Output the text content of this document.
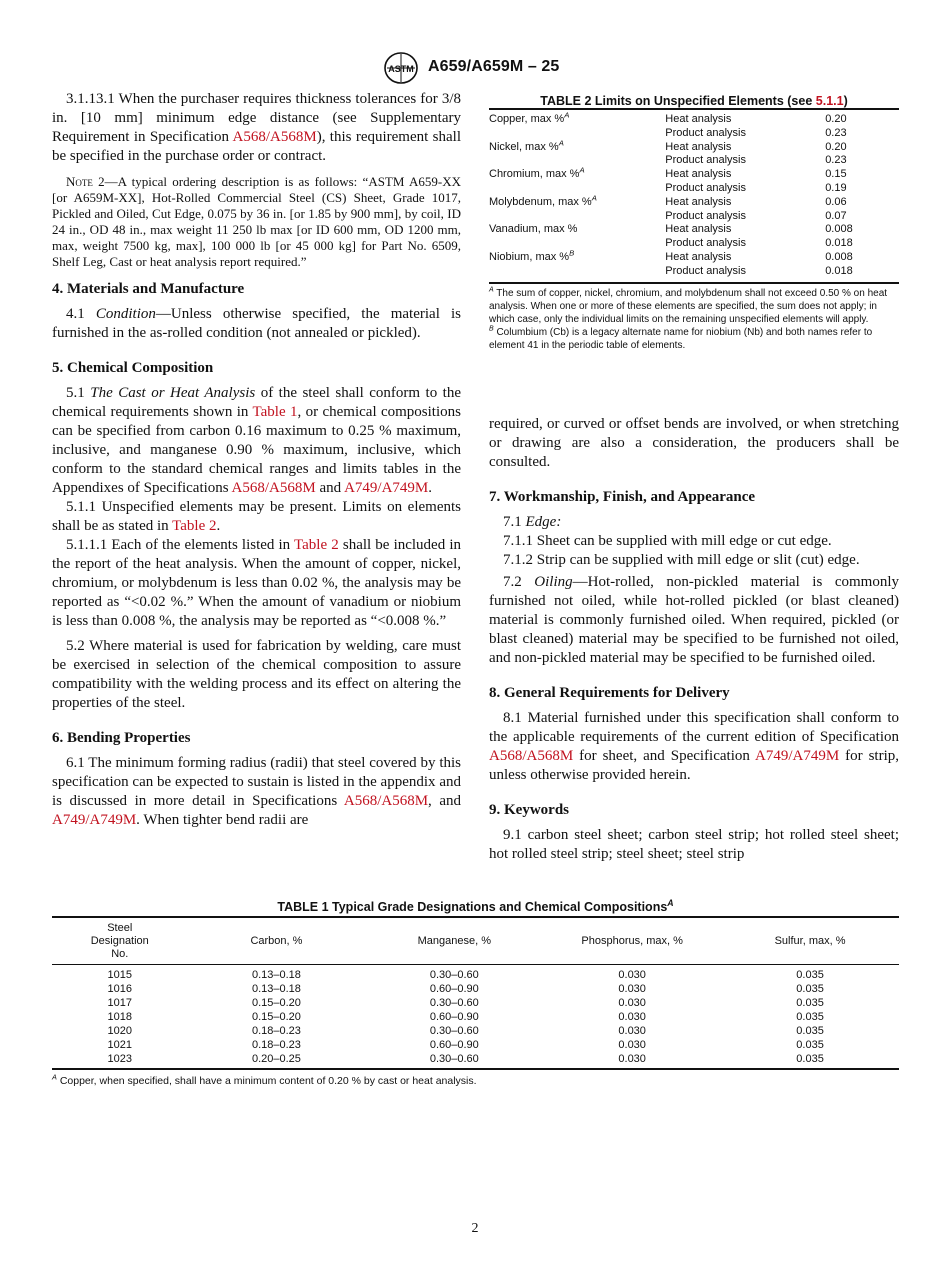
ASTM A659/A659M – 25

3.1.13.1 When the purchaser requires thickness tolerances for 3/8 in. [10 mm] minimum edge distance (see Supplementary Requirement in Specification A568/A568M), this requirement shall be specified in the purchase order or contract.

Note 2—A typical ordering description is as follows: “ASTM A659-XX [or A659M-XX], Hot-Rolled Commercial Steel (CS) Sheet, Grade 1017, Pickled and Oiled, Cut Edge, 0.075 by 36 in. [or 1.85 by 900 mm], by coil, ID 24 in., OD 48 in., max weight 11 250 lb max [or ID 600 mm, OD 1200 mm, max, weight 7500 kg, max], 100 000 lb [or 45 000 kg] for Part No. 6509, Shelf Leg, Cast or heat analysis report required.”

4. Materials and Manufacture

4.1 Condition—Unless otherwise specified, the material is furnished in the as-rolled condition (not annealed or pickled).

5. Chemical Composition

5.1 The Cast or Heat Analysis of the steel shall conform to the chemical requirements shown in Table 1, or chemical compositions can be specified from carbon 0.16 maximum to 0.25 % maximum, inclusive, and manganese 0.90 % maximum, inclusive, which conform to the standard chemical ranges and limits tables in the Appendixes of Specifications A568/A568M and A749/A749M.

5.1.1 Unspecified elements may be present. Limits on elements shall be as stated in Table 2.

5.1.1.1 Each of the elements listed in Table 2 shall be included in the report of the heat analysis. When the amount of copper, nickel, chromium, or molybdenum is less than 0.02 %, the analysis may be reported as “<0.02 %.” When the amount of vanadium or niobium is less than 0.008 %, the analysis may be reported as “<0.008 %.”

5.2 Where material is used for fabrication by welding, care must be exercised in selection of the chemical composition to assure compatibility with the welding process and its effect on altering the properties of the steel.

6. Bending Properties

6.1 The minimum forming radius (radii) that steel covered by this specification can be expected to sustain is listed in the appendix and is discussed in more detail in Specifications A568/A568M, and A749/A749M. When tighter bend radii are

TABLE 2 Limits on Unspecified Elements (see 5.1.1)
Copper, max %$^A$	Heat analysis	0.20
	Product analysis	0.23
Nickel, max %$^A$	Heat analysis	0.20
	Product analysis	0.23
Chromium, max %$^A$	Heat analysis	0.15
	Product analysis	0.19
Molybdenum, max %$^A$	Heat analysis	0.06
	Product analysis	0.07
Vanadium, max %	Heat analysis	0.008
	Product analysis	0.018
Niobium, max %$^B$	Heat analysis	0.008
	Product analysis	0.018

$^A$ The sum of copper, nickel, chromium, and molybdenum shall not exceed 0.50 % on heat analysis. When one or more of these elements are specified, the sum does not apply; in which case, only the individual limits on the remaining unspecified elements will apply.

$^B$ Columbium (Cb) is a legacy alternate name for niobium (Nb) and both names refer to element 41 in the periodic table of elements.

required, or curved or offset bends are involved, or when stretching or drawing are also a consideration, the producers shall be consulted.

7. Workmanship, Finish, and Appearance

7.1 Edge:

7.1.1 Sheet can be supplied with mill edge or cut edge.

7.1.2 Strip can be supplied with mill edge or slit (cut) edge.

7.2 Oiling—Hot-rolled, non-pickled material is commonly furnished not oiled, while hot-rolled pickled (or blast cleaned) material is commonly furnished oiled. When required, pickled (or blast cleaned) material may be specified to be furnished not oiled, and non-pickled material may be specified to be furnished oiled.

8. General Requirements for Delivery

8.1 Material furnished under this specification shall conform to the applicable requirements of the current edition of Specification A568/A568M for sheet, and Specification A749/A749M for strip, unless otherwise provided herein.

9. Keywords

9.1 carbon steel sheet; carbon steel strip; hot rolled steel sheet; hot rolled steel strip; steel sheet; steel strip

TABLE 1 Typical Grade Designations and Chemical Compositions$^A$
Steel
Designation
No.	Carbon, %	Manganese, %	Phosphorus, max, %	Sulfur, max, %
1015	0.13–0.18	0.30–0.60	0.030	0.035
1016	0.13–0.18	0.60–0.90	0.030	0.035
1017	0.15–0.20	0.30–0.60	0.030	0.035
1018	0.15–0.20	0.60–0.90	0.030	0.035
1020	0.18–0.23	0.30–0.60	0.030	0.035
1021	0.18–0.23	0.60–0.90	0.030	0.035
1023	0.20–0.25	0.30–0.60	0.030	0.035
$^A$ Copper, when specified, shall have a minimum content of 0.20 % by cast or heat analysis.
2
